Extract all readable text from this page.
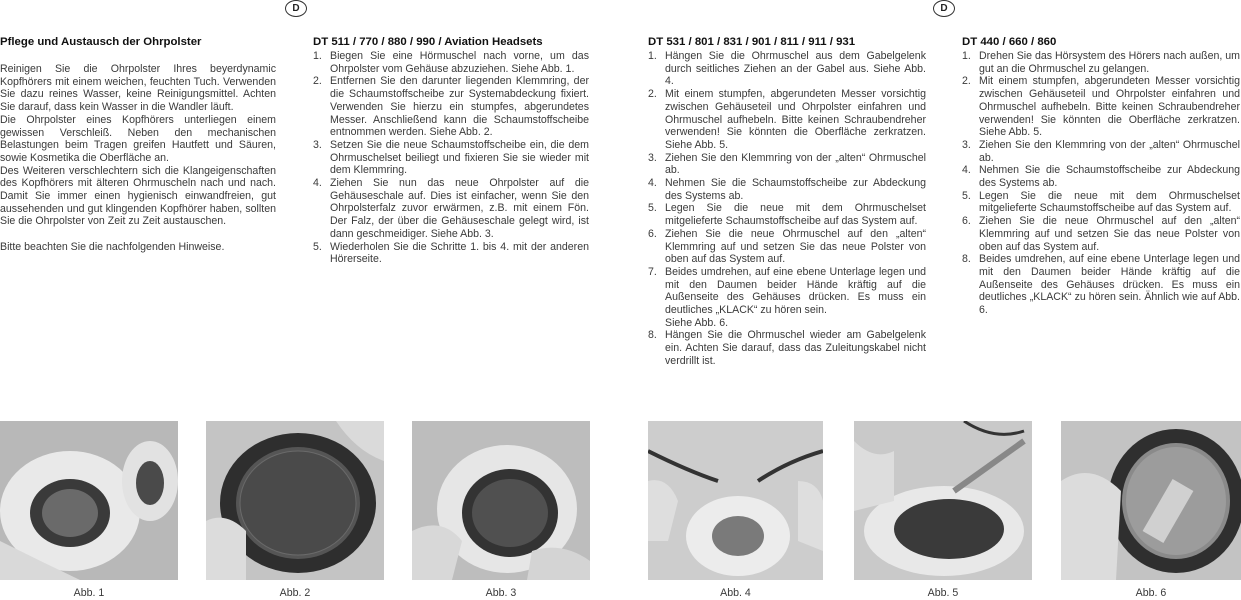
D	D
Pflege und Austausch der Ohrpolster

Reinigen Sie die Ohrpolster Ihres beyerdynamic Kopfhörers mit einem weichen, feuchten Tuch. Verwenden Sie dazu reines Wasser, keine Reinigungsmittel. Achten Sie darauf, dass kein Wasser in die Wandler läuft.

Die Ohrpolster eines Kopfhörers unterliegen einem gewissen Verschleiß. Neben den mechanischen Belastungen beim Tragen greifen Hautfett und Säuren, sowie Kosmetika die Oberfläche an.

Des Weiteren verschlechtern sich die Klangeigenschaften des Kopfhörers mit älteren Ohrmuscheln nach und nach. Damit Sie immer einen hygienisch einwandfreien, gut aussehenden und gut klingenden Kopfhörer haben, sollten Sie die Ohrpolster von Zeit zu Zeit austauschen.

Bitte beachten Sie die nachfolgenden Hinweise.

DT 511 / 770 / 880 / 990 / Aviation Headsets
1. Biegen Sie eine Hörmuschel nach vorne, um das Ohrpolster vom Gehäuse abzuziehen. Siehe Abb. 1.
2. Entfernen Sie den darunter liegenden Klemmring, der die Schaumstoffscheibe zur Systemabdeckung fixiert. Verwenden Sie hierzu ein stumpfes, abgerundetes Messer. Anschließend kann die Schaumstoffscheibe entnommen werden. Siehe Abb. 2.
3. Setzen Sie die neue Schaumstoffscheibe ein, die dem Ohrmuschelset beiliegt und fixieren Sie sie wieder mit dem Klemmring.
4. Ziehen Sie nun das neue Ohrpolster auf die Gehäuseschale auf. Dies ist einfacher, wenn Sie den Ohrpolsterfalz zuvor erwärmen, z.B. mit einem Fön. Der Falz, der über die Gehäuseschale gelegt wird, ist dann geschmeidiger. Siehe Abb. 3.
5. Wiederholen Sie die Schritte 1. bis 4. mit der anderen Hörerseite.
DT 531 / 801 / 831 / 901 / 811 / 911 / 931
1. Hängen Sie die Ohrmuschel aus dem Gabelgelenk durch seitliches Ziehen an der Gabel aus. Siehe Abb. 4.
2. Mit einem stumpfen, abgerundeten Messer vorsichtig zwischen Gehäuseteil und Ohrpolster einfahren und Ohrmuschel aufhebeln. Bitte keinen Schraubendreher verwenden! Sie könnten die Oberfläche zerkratzen. Siehe Abb. 5.
3. Ziehen Sie den Klemmring von der „alten“ Ohrmuschel ab.
4. Nehmen Sie die Schaumstoffscheibe zur Abdeckung des Systems ab.
5. Legen Sie die neue mit dem Ohrmuschelset mitgelieferte Schaumstoffscheibe auf das System auf.
6. Ziehen Sie die neue Ohrmuschel auf den „alten“ Klemmring auf und setzen Sie das neue Polster von oben auf das System auf.
7. Beides umdrehen, auf eine ebene Unterlage legen und mit den Daumen beider Hände kräftig auf die Außenseite des Gehäuses drücken. Es muss ein deutliches „KLACK“ zu hören sein.
Siehe Abb. 6.
8. Hängen Sie die Ohrmuschel wieder am Gabelgelenk ein. Achten Sie darauf, dass das Zuleitungskabel nicht verdrillt ist.
DT 440 / 660 / 860
1. Drehen Sie das Hörsystem des Hörers nach außen, um gut an die Ohrmuschel zu gelangen.
2. Mit einem stumpfen, abgerundeten Messer vorsichtig zwischen Gehäuseteil und Ohrpolster einfahren und Ohrmuschel aufhebeln. Bitte keinen Schraubendreher verwenden! Sie könnten die Oberfläche zerkratzen. Siehe Abb. 5.
3. Ziehen Sie den Klemmring von der „alten“ Ohrmuschel ab.
4. Nehmen Sie die Schaumstoffscheibe zur Abdeckung des Systems ab.
5. Legen Sie die neue mit dem Ohrmuschelset mitgelieferte Schaumstoffscheibe auf das System auf.
6. Ziehen Sie die neue Ohrmuschel auf den „alten“ Klemmring auf und setzen Sie das neue Polster von oben auf das System auf.
8. Beides umdrehen, auf eine ebene Unterlage legen und mit den Daumen beider Hände kräftig auf die Außenseite des Gehäuses drücken. Es muss ein deutliches „KLACK“ zu hören sein. Ähnlich wie auf Abb. 6.
Abb. 1	Abb. 2	Abb. 3	Abb. 4	Abb. 5	Abb. 6
